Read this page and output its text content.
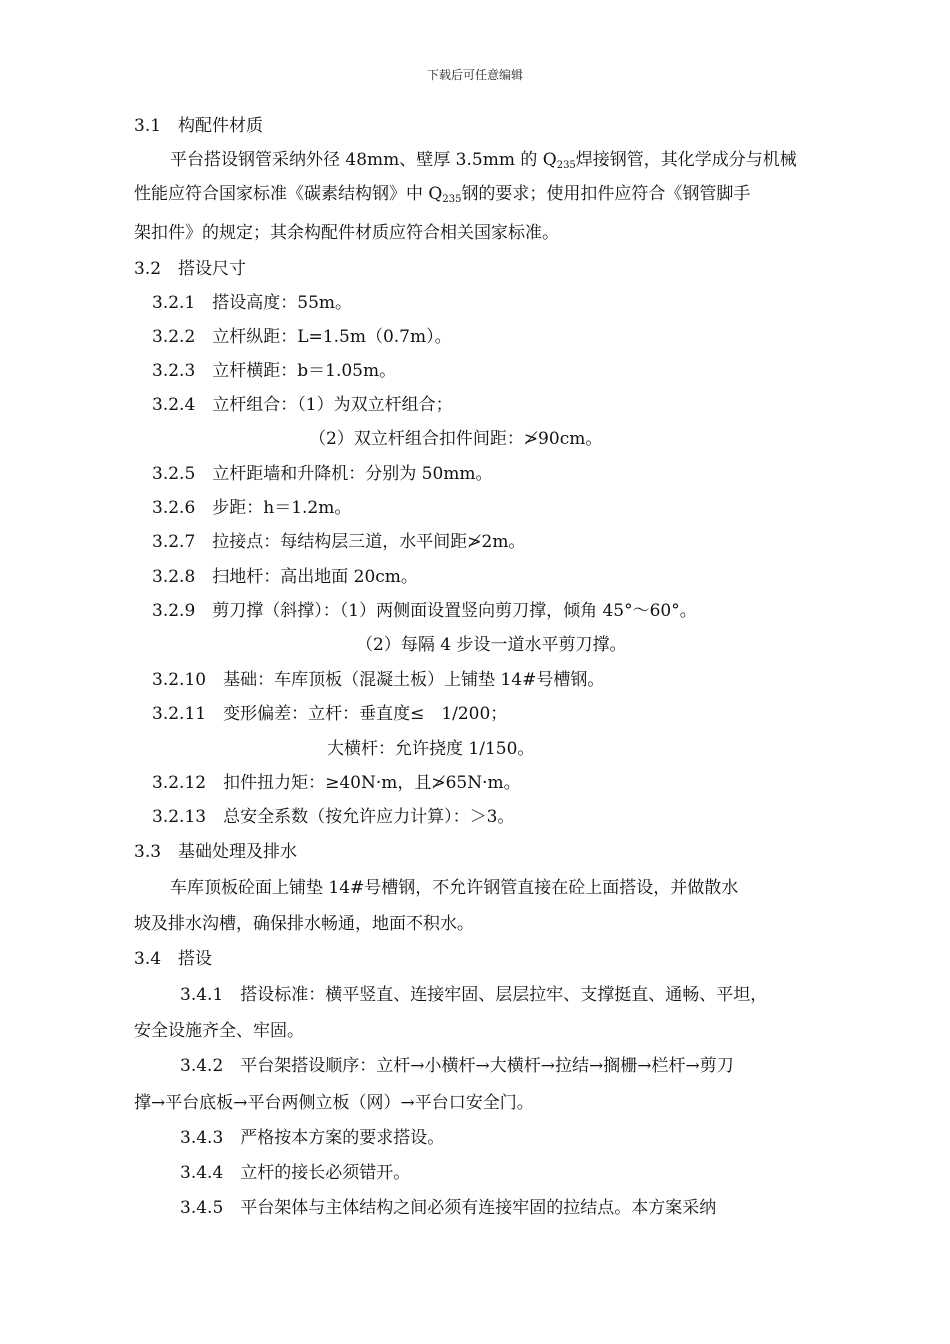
下载后可任意编辑
3.1　构配件材质
平台搭设钢管采纳外径 48mm、壁厚 3.5mm 的 $Q_{235}$焊接钢管，其化学成分与机械
性能应符合国家标准《碳素结构钢》中 $Q_{235}$钢的要求；使用扣件应符合《钢管脚手
架扣件》的规定；其余构配件材质应符合相关国家标准。
3.2　搭设尺寸
3.2.1　搭设高度：55m。
3.2.2　立杆纵距：L=1.5m（0.7m）。
3.2.3　立杆横距：b＝1.05m。
3.2.4　立杆组合：（1）为双立杆组合；
（2）双立杆组合扣件间距：≯90cm。
3.2.5　立杆距墙和升降机：分别为 50mm。
3.2.6　步距：h＝1.2m。
3.2.7　拉接点：每结构层三道，水平间距≯2m。
3.2.8　扫地杆：高出地面 20cm。
3.2.9　剪刀撑（斜撑）：（1）两侧面设置竖向剪刀撑，倾角 45°～60°。
（2）每隔 4 步设一道水平剪刀撑。
3.2.10　基础：车库顶板（混凝土板）上铺垫 14#号槽钢。
3.2.11　变形偏差：立杆：垂直度≤　1/200；
大横杆：允许挠度 1/150。
3.2.12　扣件扭力矩：≥40N·m，且≯65N·m。
3.2.13　总安全系数（按允许应力计算）：＞3。
3.3　基础处理及排水
车库顶板砼面上铺垫 14#号槽钢，不允许钢管直接在砼上面搭设，并做散水
坡及排水沟槽，确保排水畅通，地面不积水。
3.4　搭设
3.4.1　搭设标准：横平竖直、连接牢固、层层拉牢、支撑挺直、通畅、平坦，
安全设施齐全、牢固。
3.4.2　平台架搭设顺序：立杆→小横杆→大横杆→拉结→搁栅→栏杆→剪刀
撑→平台底板→平台两侧立板（网）→平台口安全门。
3.4.3　严格按本方案的要求搭设。
3.4.4　立杆的接长必须错开。
3.4.5　平台架体与主体结构之间必须有连接牢固的拉结点。本方案采纳
